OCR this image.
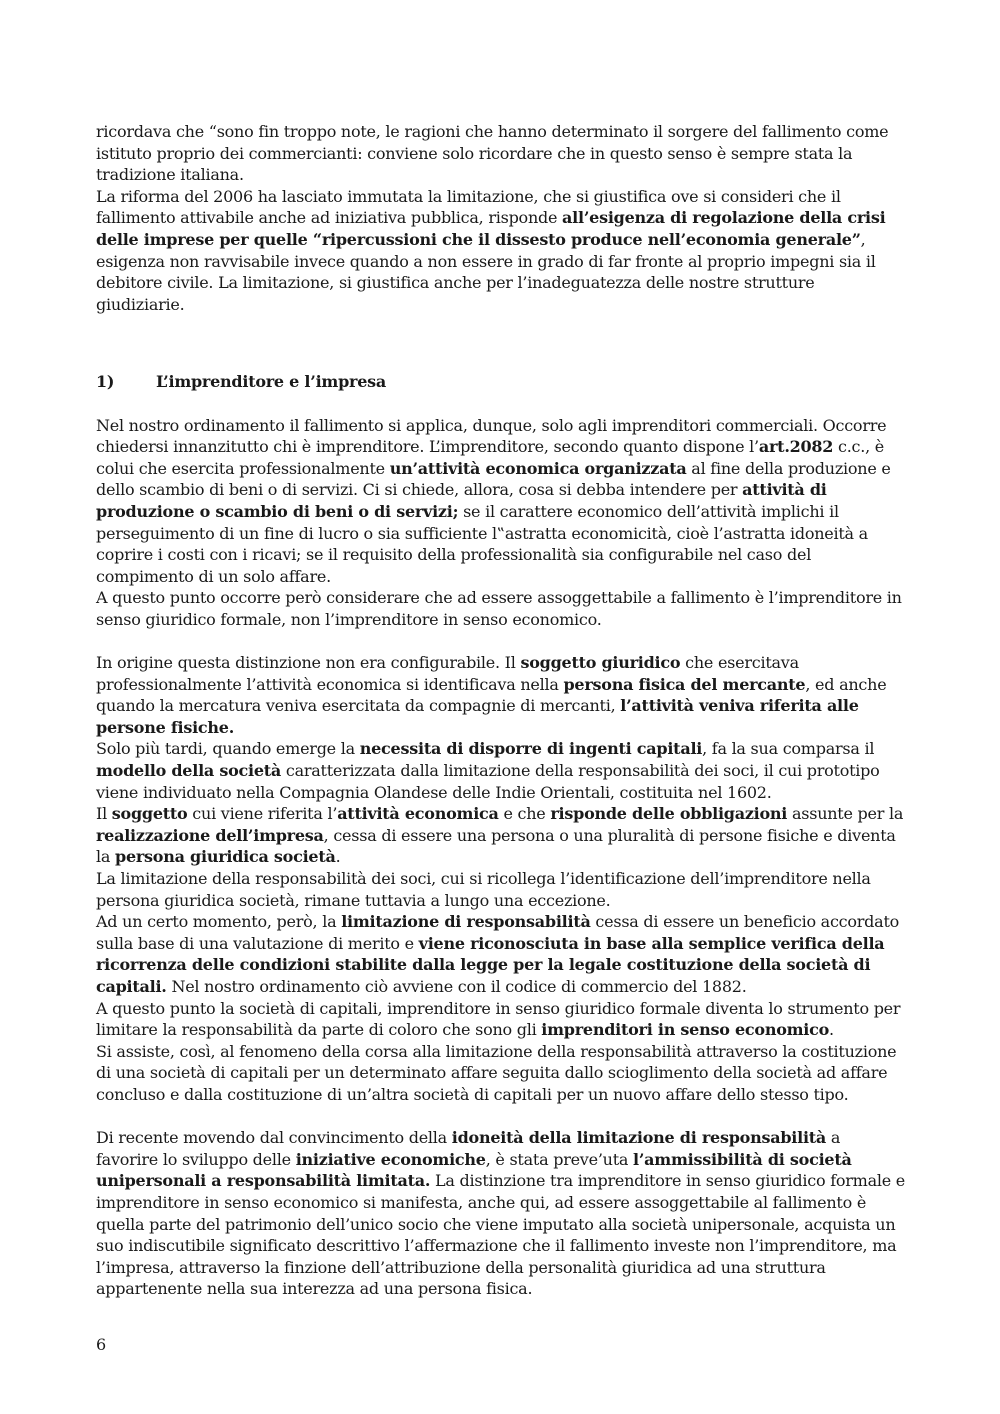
ricordava che “sono fin troppo note, le ragioni che hanno determinato il sorgere del fallimento come istituto proprio dei commercianti: conviene solo ricordare che in questo senso è sempre stata la tradizione italiana.

La riforma del 2006 ha lasciato immutata la limitazione, che si giustifica ove si consideri che il fallimento attivabile anche ad iniziativa pubblica, risponde all’esigenza di regolazione della crisi delle imprese per quelle “ripercussioni che il dissesto produce nell’economia generale”, esigenza non ravvisabile invece quando a non essere in grado di far fronte al proprio impegni sia il debitore civile. La limitazione, si giustifica anche per l’inadeguatezza delle nostre strutture giudiziarie.

1)	L’imprenditore e l’impresa

Nel nostro ordinamento il fallimento si applica, dunque, solo agli imprenditori commerciali. Occorre chiedersi innanzitutto chi è imprenditore. L’imprenditore, secondo quanto dispone l’art.2082 c.c., è colui che esercita professionalmente un’attività economica organizzata al fine della produzione e dello scambio di beni o di servizi. Ci si chiede, allora, cosa si debba intendere per attività di produzione o scambio di beni o di servizi; se il carattere economico dell’attività implichi il perseguimento di un fine di lucro o sia sufficiente l‟astratta economicità, cioè l’astratta idoneità a coprire i costi con i ricavi; se il requisito della professionalità sia configurabile nel caso del compimento di un solo affare.

A questo punto occorre però considerare che ad essere assoggettabile a fallimento è l’imprenditore in senso giuridico formale, non l’imprenditore in senso economico.

In origine questa distinzione non era configurabile. Il soggetto giuridico che esercitava professionalmente l’attività economica si identificava nella persona fisica del mercante, ed anche quando la mercatura veniva esercitata da compagnie di mercanti, l’attività veniva riferita alle persone fisiche.

Solo più tardi, quando emerge la necessita di disporre di ingenti capitali, fa la sua comparsa il modello della società caratterizzata dalla limitazione della responsabilità dei soci, il cui prototipo viene individuato nella Compagnia Olandese delle Indie Orientali, costituita nel 1602.

Il soggetto cui viene riferita l’attività economica e che risponde delle obbligazioni assunte per la realizzazione dell’impresa, cessa di essere una persona o una pluralità di persone fisiche e diventa la persona giuridica società.

La limitazione della responsabilità dei soci, cui si ricollega l’identificazione dell’imprenditore nella persona giuridica società, rimane tuttavia a lungo una eccezione.

Ad un certo momento, però, la limitazione di responsabilità cessa di essere un beneficio accordato sulla base di una valutazione di merito e viene riconosciuta in base alla semplice verifica della ricorrenza delle condizioni stabilite dalla legge per la legale costituzione della società di capitali. Nel nostro ordinamento ciò avviene con il codice di commercio del 1882.

A questo punto la società di capitali, imprenditore in senso giuridico formale diventa lo strumento per limitare la responsabilità da parte di coloro che sono gli imprenditori in senso economico.

Si assiste, così, al fenomeno della corsa alla limitazione della responsabilità attraverso la costituzione di una società di capitali per un determinato affare seguita dallo scioglimento della società ad affare concluso e dalla costituzione di un’altra società di capitali per un nuovo affare dello stesso tipo.

Di recente movendo dal convincimento della idoneità della limitazione di responsabilità a favorire lo sviluppo delle iniziative economiche, è stata preve’uta l’ammissibilità di società unipersonali a responsabilità limitata. La distinzione tra imprenditore in senso giuridico formale e imprenditore in senso economico si manifesta, anche qui, ad essere assoggettabile al fallimento è quella parte del patrimonio dell’unico socio che viene imputato alla società unipersonale, acquista un suo indiscutibile significato descrittivo l’affermazione che il fallimento investe non l’imprenditore, ma l’impresa, attraverso la finzione dell’attribuzione della personalità giuridica ad una struttura appartenente nella sua interezza ad una persona fisica.

6
